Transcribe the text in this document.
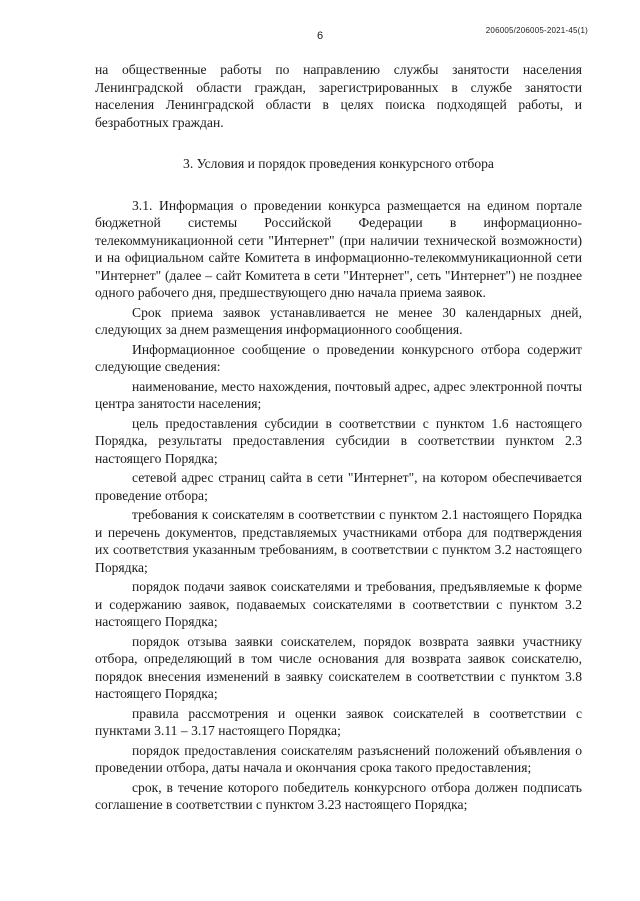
6	206005/206005-2021-45(1)

на общественные работы по направлению службы занятости населения Ленинградской области граждан, зарегистрированных в службе занятости населения Ленинградской области в целях поиска подходящей работы, и безработных граждан.

3. Условия и порядок проведения конкурсного отбора

3.1. Информация о проведении конкурса размещается на едином портале бюджетной системы Российской Федерации в информационно-телекоммуникационной сети "Интернет" (при наличии технической возможности) и на официальном сайте Комитета в информационно-телекоммуникационной сети "Интернет" (далее – сайт Комитета в сети "Интернет", сеть "Интернет") не позднее одного рабочего дня, предшествующего дню начала приема заявок.

Срок приема заявок устанавливается не менее 30 календарных дней, следующих за днем размещения информационного сообщения.

Информационное сообщение о проведении конкурсного отбора содержит следующие сведения:

наименование, место нахождения, почтовый адрес, адрес электронной почты центра занятости населения;

цель предоставления субсидии в соответствии с пунктом 1.6 настоящего Порядка, результаты предоставления субсидии в соответствии пунктом 2.3 настоящего Порядка;

сетевой адрес страниц сайта в сети "Интернет", на котором обеспечивается проведение отбора;

требования к соискателям в соответствии с пунктом 2.1 настоящего Порядка и перечень документов, представляемых участниками отбора для подтверждения их соответствия указанным требованиям, в соответствии с пунктом 3.2 настоящего Порядка;

порядок подачи заявок соискателями и требования, предъявляемые к форме и содержанию заявок, подаваемых соискателями в соответствии с пунктом 3.2 настоящего Порядка;

порядок отзыва заявки соискателем, порядок возврата заявки участнику отбора, определяющий в том числе основания для возврата заявок соискателю, порядок внесения изменений в заявку соискателем в соответствии с пунктом 3.8 настоящего Порядка;

правила рассмотрения и оценки заявок соискателей в соответствии с пунктами 3.11 – 3.17 настоящего Порядка;

порядок предоставления соискателям разъяснений положений объявления о проведении отбора, даты начала и окончания срока такого предоставления;

срок, в течение которого победитель конкурсного отбора должен подписать соглашение в соответствии с пунктом 3.23 настоящего Порядка;
